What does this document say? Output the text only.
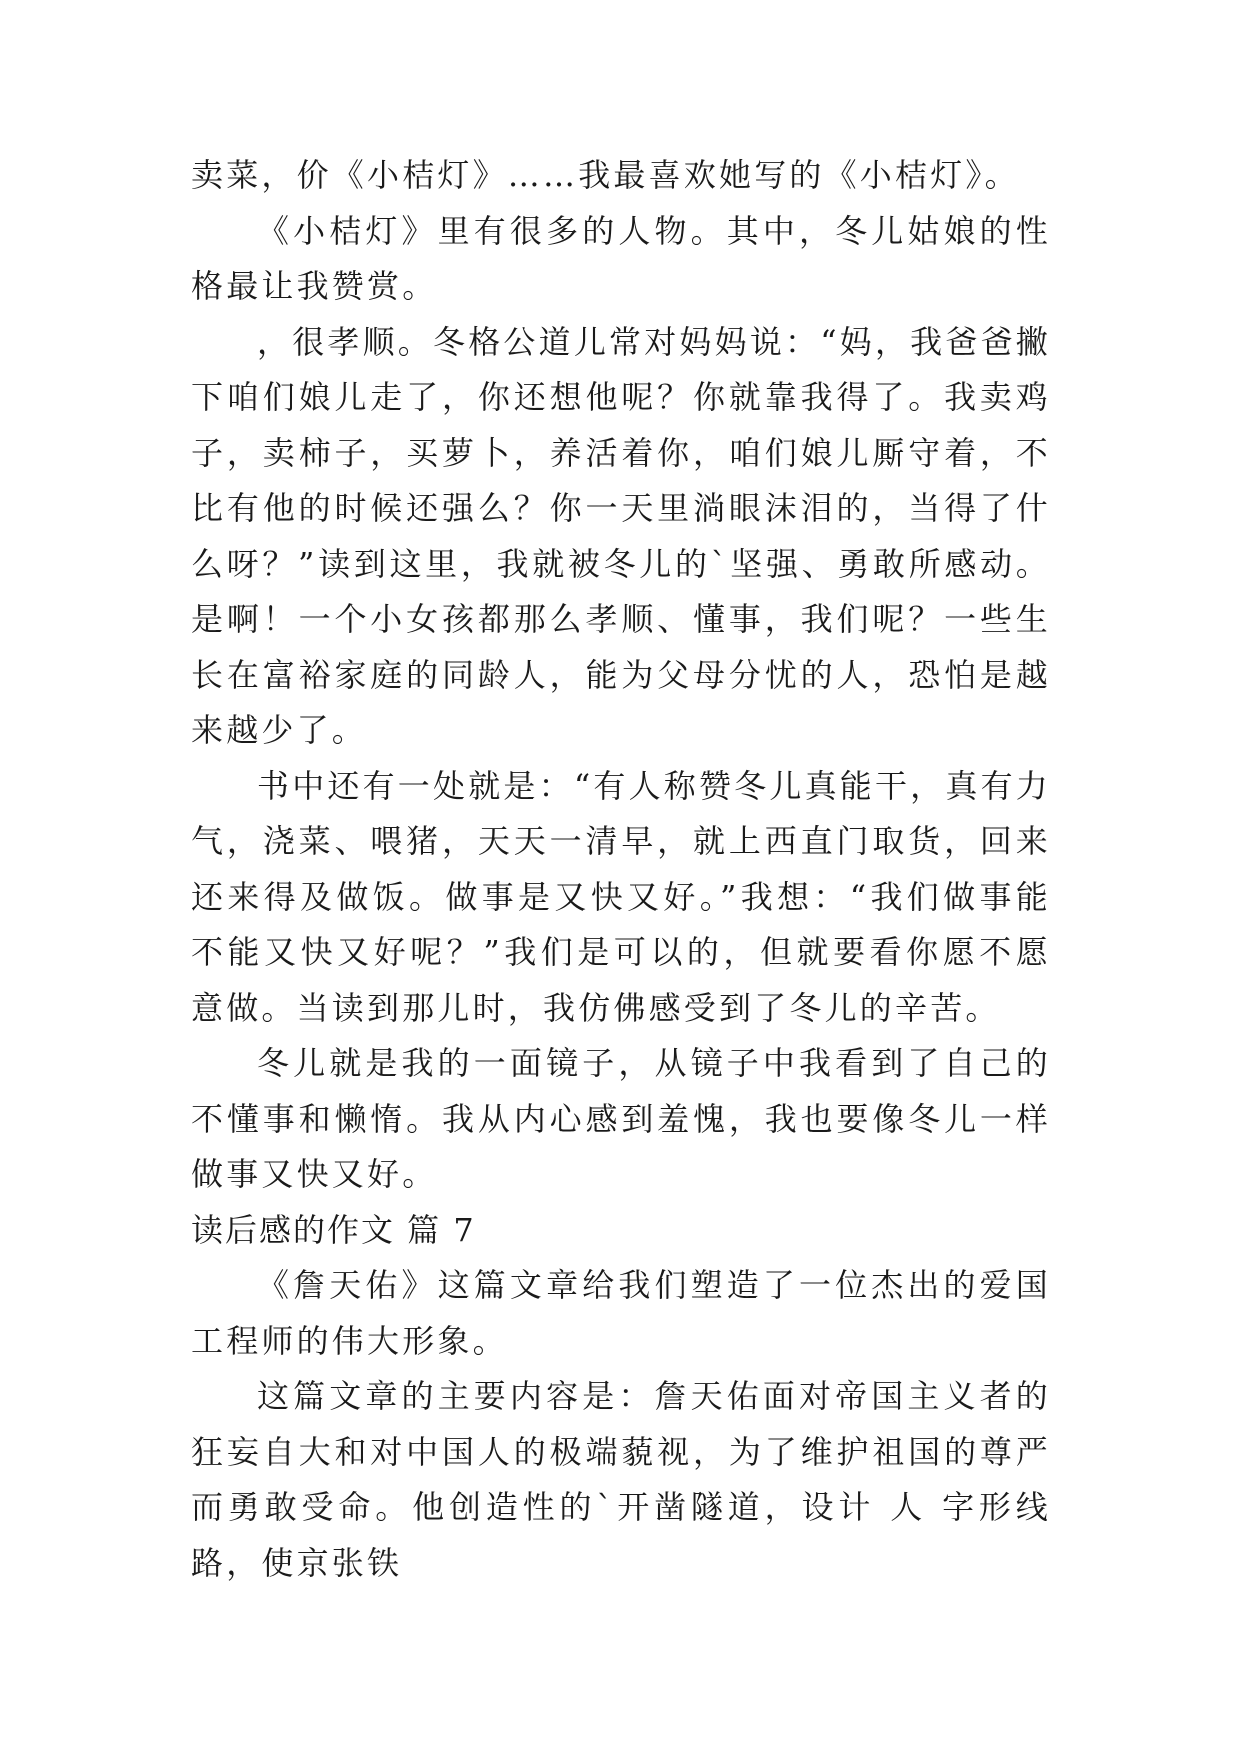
卖菜，价《小桔灯》……我最喜欢她写的《小桔灯》。

《小桔灯》里有很多的人物。其中，冬儿姑娘的性格最让我赞赏。

，很孝顺。冬格公道儿常对妈妈说：“妈，我爸爸撇下咱们娘儿走了，你还想他呢？你就靠我得了。我卖鸡子，卖柿子，买萝卜，养活着你，咱们娘儿厮守着，不比有他的时候还强么？你一天里淌眼沫泪的，当得了什么呀？”读到这里，我就被冬儿的`坚强、勇敢所感动。是啊！一个小女孩都那么孝顺、懂事，我们呢？一些生长在富裕家庭的同龄人，能为父母分忧的人，恐怕是越来越少了。

书中还有一处就是：“有人称赞冬儿真能干，真有力气，浇菜、喂猪，天天一清早，就上西直门取货，回来还来得及做饭。做事是又快又好。”我想：“我们做事能不能又快又好呢？”我们是可以的，但就要看你愿不愿意做。当读到那儿时，我仿佛感受到了冬儿的辛苦。

冬儿就是我的一面镜子，从镜子中我看到了自己的不懂事和懒惰。我从内心感到羞愧，我也要像冬儿一样做事又快又好。

读后感的作文 篇 7

《詹天佑》这篇文章给我们塑造了一位杰出的爱国工程师的伟大形象。

这篇文章的主要内容是：詹天佑面对帝国主义者的狂妄自大和对中国人的极端藐视，为了维护祖国的尊严而勇敢受命。他创造性的`开凿隧道，设计 人 字形线路，使京张铁
